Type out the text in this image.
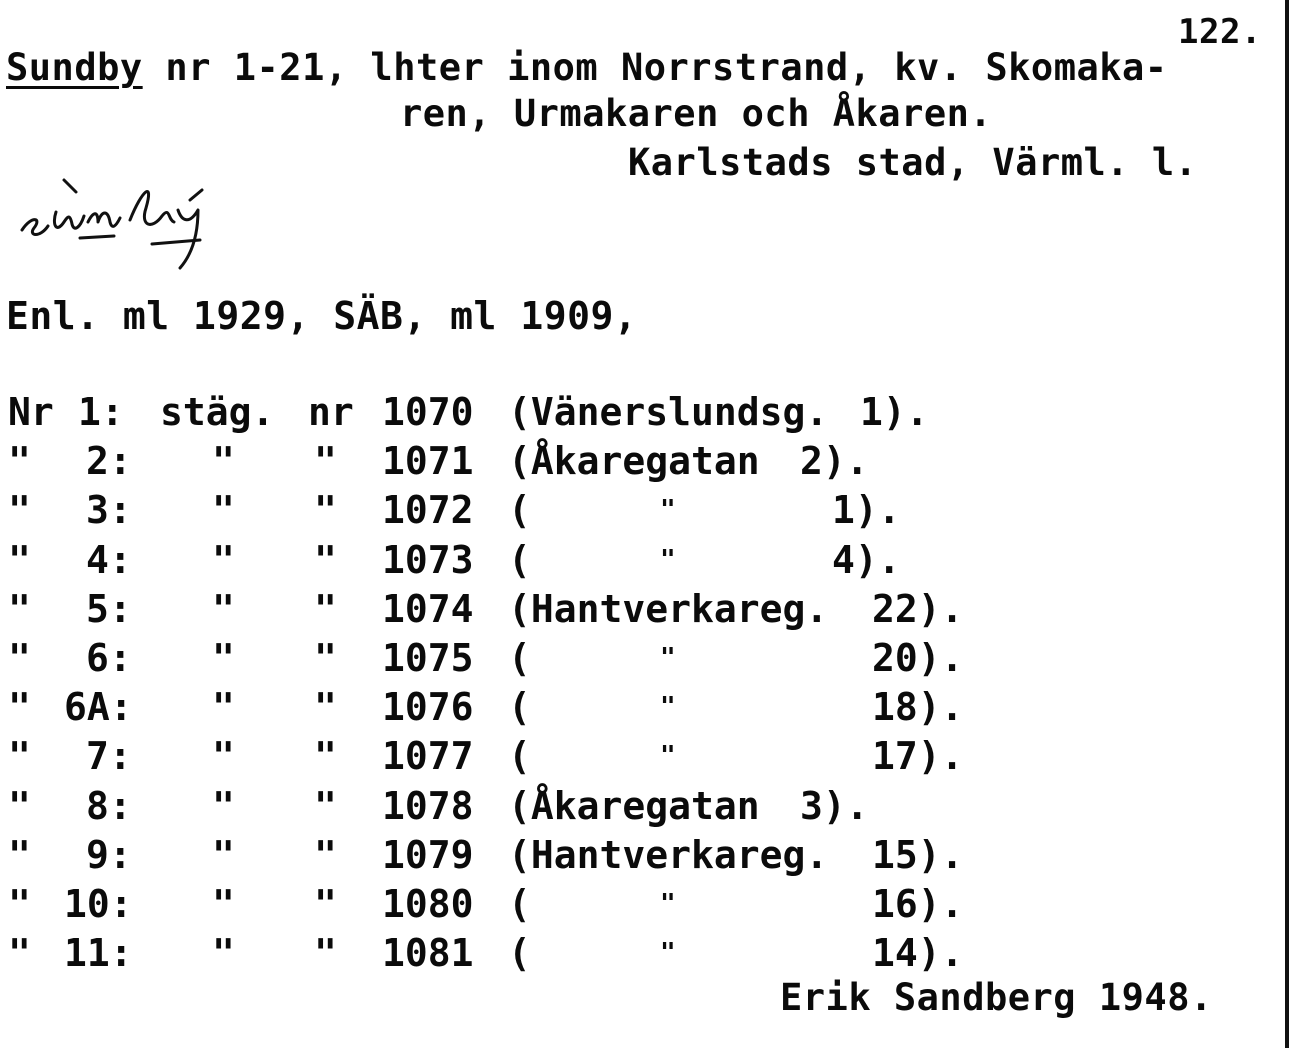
122.
Sundby nr 1-21, lhter inom Norrstrand, kv. Skomaka-
ren, Urmakaren och Åkaren.
Karlstads stad, Värml. l.
Enl. ml 1929, SÄB, ml 1909,
Nr 1: stäg. nr 1070 (Vänerslundsg. 1).
" 2: " " 1071 (Åkaregatan 2).
" 3: " " 1072 (	"	1).
" 4: " " 1073 (	"	4).
" 5: " " 1074 (Hantverkareg. 22).
" 6: " " 1075 (	"	20).
" 6A: " " 1076 (	"	18).
" 7: " " 1077 (	"	17).
" 8: " " 1078 (Åkaregatan 3).
" 9: " " 1079 (Hantverkareg. 15).
" 10: " " 1080 (	"	16).
" 11: " " 1081 (	"	14).
Erik Sandberg 1948.
